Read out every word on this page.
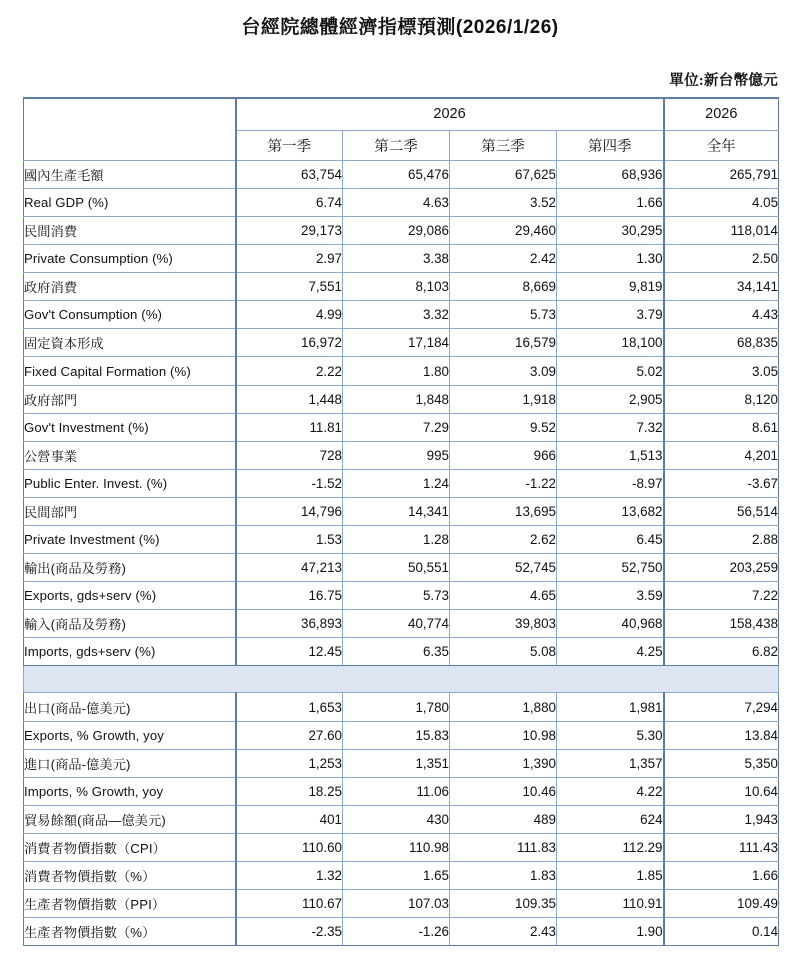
台經院總體經濟指標預測(2026/1/26)
單位:新台幣億元
	2026				2026
	第一季	第二季	第三季	第四季	全年
國內生產毛額	63,754	65,476	67,625	68,936	265,791
Real GDP (%)	6.74	4.63	3.52	1.66	4.05
民間消費	29,173	29,086	29,460	30,295	118,014
Private Consumption (%)	2.97	3.38	2.42	1.30	2.50
政府消費	7,551	8,103	8,669	9,819	34,141
Gov't Consumption (%)	4.99	3.32	5.73	3.79	4.43
固定資本形成	16,972	17,184	16,579	18,100	68,835
Fixed Capital Formation (%)	2.22	1.80	3.09	5.02	3.05
政府部門	1,448	1,848	1,918	2,905	8,120
Gov't Investment (%)	11.81	7.29	9.52	7.32	8.61
公營事業	728	995	966	1,513	4,201
Public Enter. Invest. (%)	-1.52	1.24	-1.22	-8.97	-3.67
民間部門	14,796	14,341	13,695	13,682	56,514
Private Investment (%)	1.53	1.28	2.62	6.45	2.88
輸出(商品及勞務)	47,213	50,551	52,745	52,750	203,259
Exports, gds+serv (%)	16.75	5.73	4.65	3.59	7.22
輸入(商品及勞務)	36,893	40,774	39,803	40,968	158,438
Imports, gds+serv (%)	12.45	6.35	5.08	4.25	6.82

出口(商品-億美元)	1,653	1,780	1,880	1,981	7,294
Exports, % Growth, yoy	27.60	15.83	10.98	5.30	13.84
進口(商品-億美元)	1,253	1,351	1,390	1,357	5,350
Imports, % Growth, yoy	18.25	11.06	10.46	4.22	10.64
貿易餘額(商品—億美元)	401	430	489	624	1,943
消費者物價指數（CPI）	110.60	110.98	111.83	112.29	111.43
消費者物價指數（%）	1.32	1.65	1.83	1.85	1.66
生產者物價指數（PPI）	110.67	107.03	109.35	110.91	109.49
生產者物價指數（%）	-2.35	-1.26	2.43	1.90	0.14
